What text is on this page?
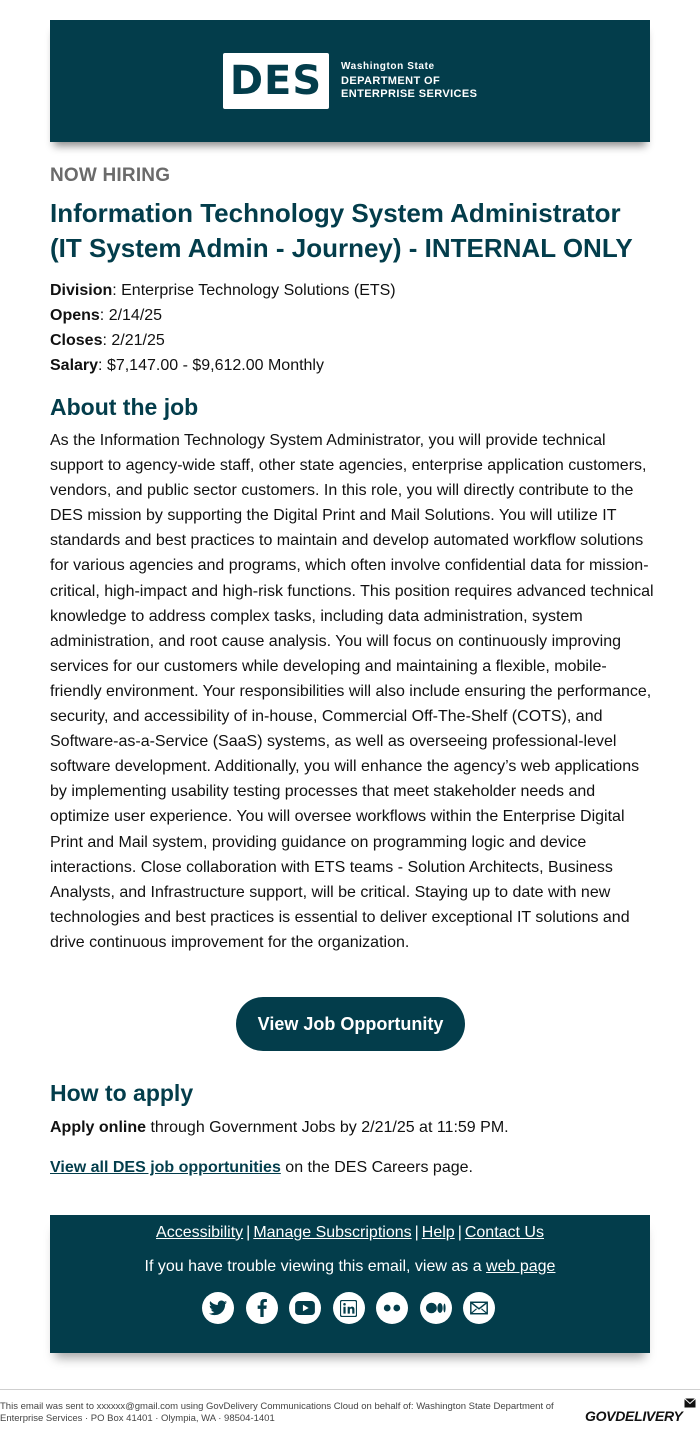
DES Washington State
DEPARTMENT OF
ENTERPRISE SERVICES
NOW HIRING
Information Technology System Administrator (IT System Admin - Journey) - INTERNAL ONLY
Division: Enterprise Technology Solutions (ETS)
Opens: 2/14/25
Closes: 2/21/25
Salary: $7,147.00 - $9,612.00 Monthly
About the job

As the Information Technology System Administrator, you will provide technical support to agency-wide staff, other state agencies, enterprise application customers, vendors, and public sector customers. In this role, you will directly contribute to the DES mission by supporting the Digital Print and Mail Solutions. You will utilize IT standards and best practices to maintain and develop automated workflow solutions for various agencies and programs, which often involve confidential data for mission-critical, high-impact and high-risk functions. This position requires advanced technical knowledge to address complex tasks, including data administration, system administration, and root cause analysis. You will focus on continuously improving services for our customers while developing and maintaining a flexible, mobile-friendly environment. Your responsibilities will also include ensuring the performance, security, and accessibility of in-house, Commercial Off-The-Shelf (COTS), and Software-as-a-Service (SaaS) systems, as well as overseeing professional-level software development. Additionally, you will enhance the agency’s web applications by implementing usability testing processes that meet stakeholder needs and optimize user experience. You will oversee workflows within the Enterprise Digital Print and Mail system, providing guidance on programming logic and device interactions. Close collaboration with ETS teams - Solution Architects, Business Analysts, and Infrastructure support, will be critical. Staying up to date with new technologies and best practices is essential to deliver exceptional IT solutions and drive continuous improvement for the organization.

View Job Opportunity
How to apply
Apply online through Government Jobs by 2/21/25 at 11:59 PM.
View all DES job opportunities on the DES Careers page.
Accessibility | Manage Subscriptions | Help | Contact Us
If you have trouble viewing this email, view as a web page
This email was sent to xxxxxx@gmail.com using GovDelivery Communications Cloud on behalf of: Washington State Department of Enterprise Services · PO Box 41401 · Olympia, WA · 98504-1401	GOVDELIVERY
